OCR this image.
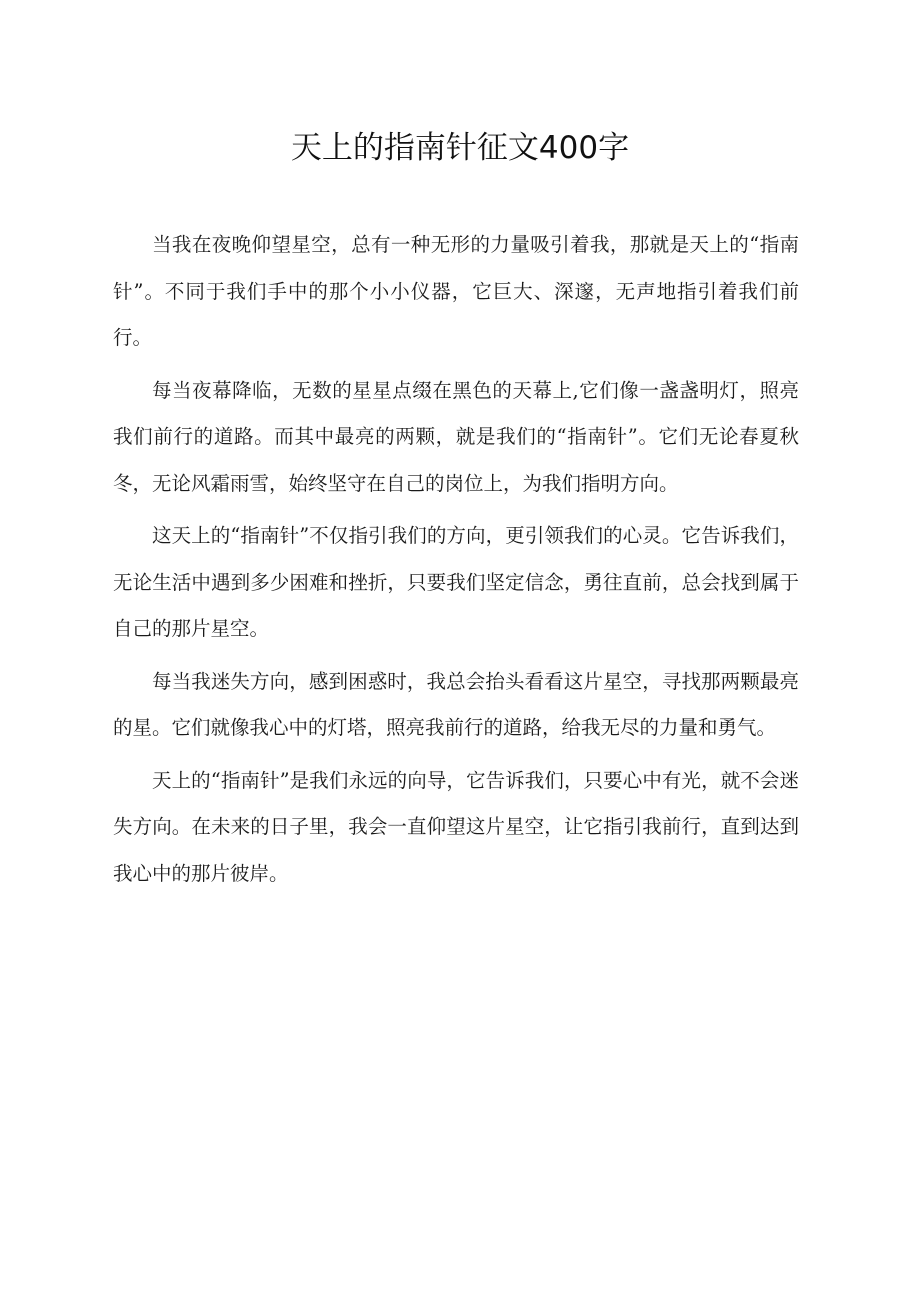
天上的指南针征文400字

当我在夜晚仰望星空，总有一种无形的力量吸引着我，那就是天上的“指南针”。不同于我们手中的那个小小仪器，它巨大、深邃，无声地指引着我们前行。

每当夜幕降临，无数的星星点缀在黑色的天幕上,它们像一盏盏明灯，照亮我们前行的道路。而其中最亮的两颗，就是我们的“指南针”。它们无论春夏秋冬，无论风霜雨雪，始终坚守在自己的岗位上，为我们指明方向。

这天上的“指南针”不仅指引我们的方向，更引领我们的心灵。它告诉我们，无论生活中遇到多少困难和挫折，只要我们坚定信念，勇往直前，总会找到属于自己的那片星空。

每当我迷失方向，感到困惑时，我总会抬头看看这片星空，寻找那两颗最亮的星。它们就像我心中的灯塔，照亮我前行的道路，给我无尽的力量和勇气。

天上的“指南针”是我们永远的向导，它告诉我们，只要心中有光，就不会迷失方向。在未来的日子里，我会一直仰望这片星空，让它指引我前行，直到达到我心中的那片彼岸。
